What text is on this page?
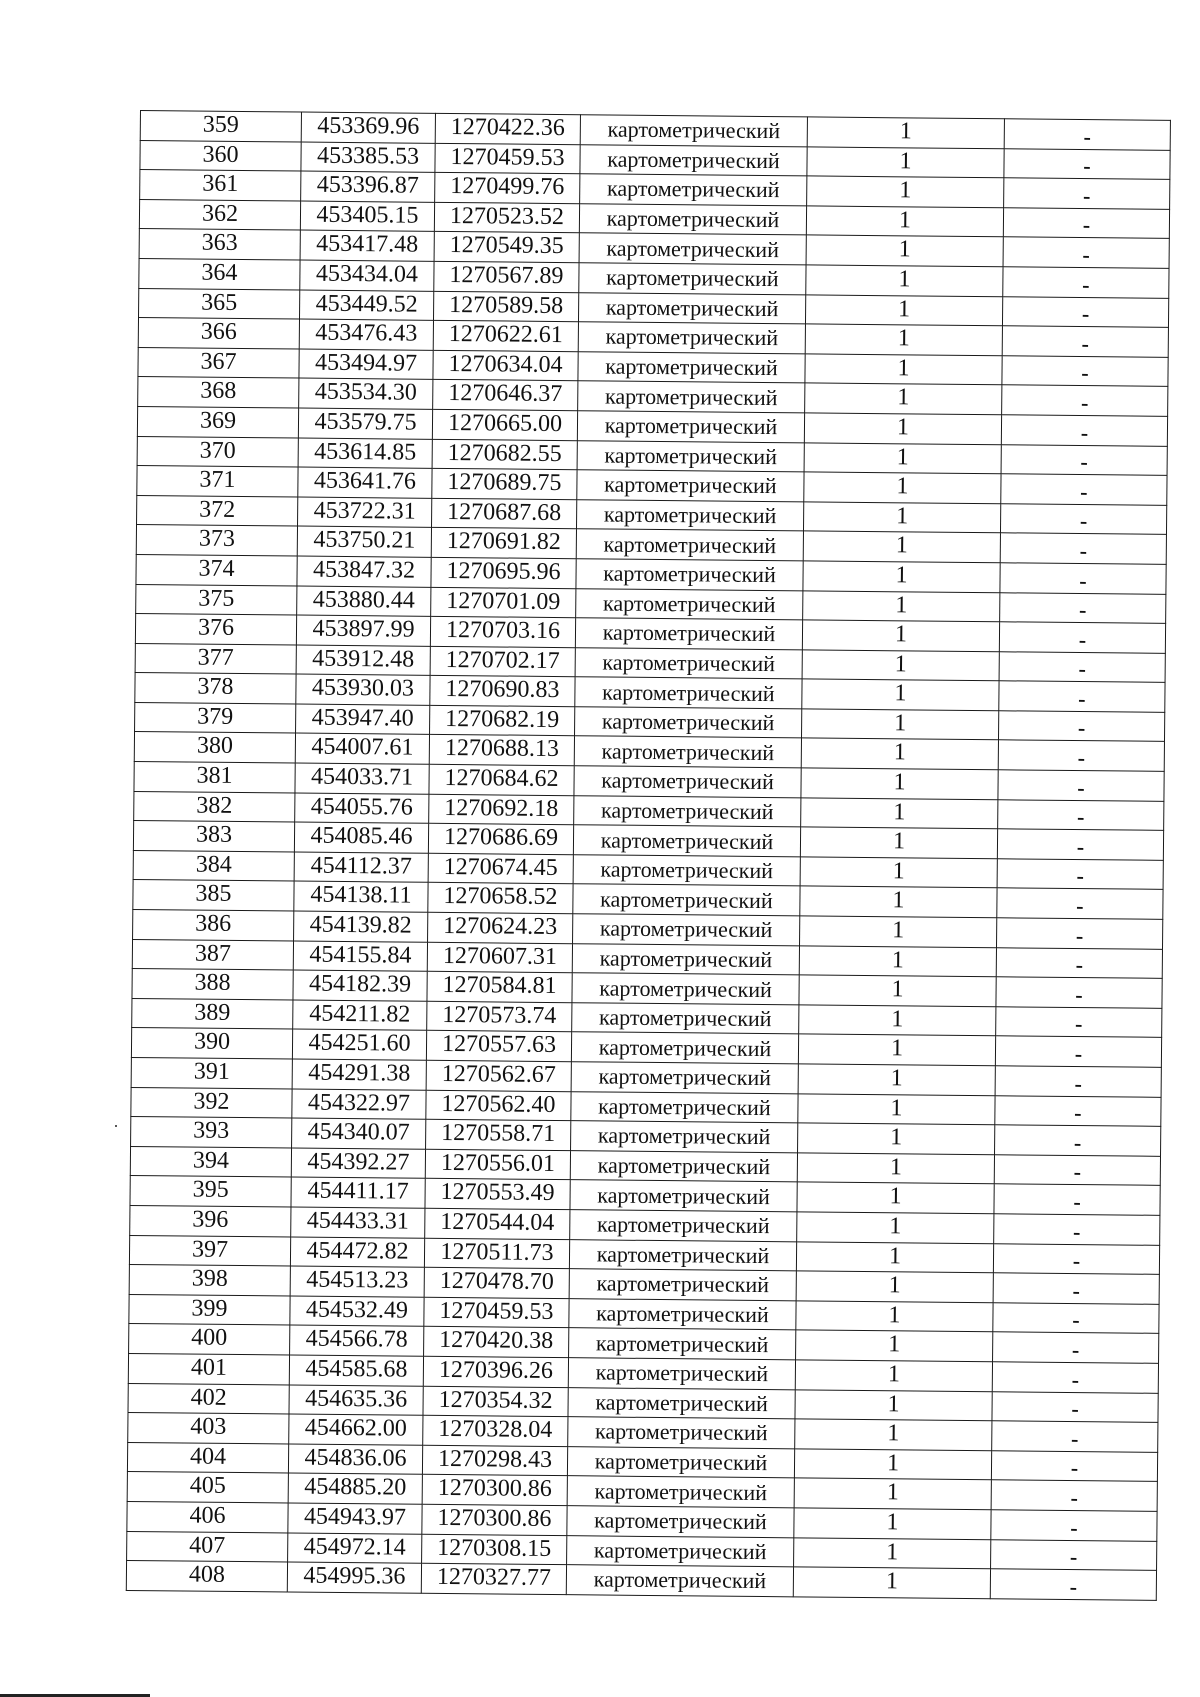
359	453369.96	1270422.36	картометрический	1	-
360	453385.53	1270459.53	картометрический	1	-
361	453396.87	1270499.76	картометрический	1	-
362	453405.15	1270523.52	картометрический	1	-
363	453417.48	1270549.35	картометрический	1	-
364	453434.04	1270567.89	картометрический	1	-
365	453449.52	1270589.58	картометрический	1	-
366	453476.43	1270622.61	картометрический	1	-
367	453494.97	1270634.04	картометрический	1	-
368	453534.30	1270646.37	картометрический	1	-
369	453579.75	1270665.00	картометрический	1	-
370	453614.85	1270682.55	картометрический	1	-
371	453641.76	1270689.75	картометрический	1	-
372	453722.31	1270687.68	картометрический	1	-
373	453750.21	1270691.82	картометрический	1	-
374	453847.32	1270695.96	картометрический	1	-
375	453880.44	1270701.09	картометрический	1	-
376	453897.99	1270703.16	картометрический	1	-
377	453912.48	1270702.17	картометрический	1	-
378	453930.03	1270690.83	картометрический	1	-
379	453947.40	1270682.19	картометрический	1	-
380	454007.61	1270688.13	картометрический	1	-
381	454033.71	1270684.62	картометрический	1	-
382	454055.76	1270692.18	картометрический	1	-
383	454085.46	1270686.69	картометрический	1	-
384	454112.37	1270674.45	картометрический	1	-
385	454138.11	1270658.52	картометрический	1	-
386	454139.82	1270624.23	картометрический	1	-
387	454155.84	1270607.31	картометрический	1	-
388	454182.39	1270584.81	картометрический	1	-
389	454211.82	1270573.74	картометрический	1	-
390	454251.60	1270557.63	картометрический	1	-
391	454291.38	1270562.67	картометрический	1	-
392	454322.97	1270562.40	картометрический	1	-
393	454340.07	1270558.71	картометрический	1	-
394	454392.27	1270556.01	картометрический	1	-
395	454411.17	1270553.49	картометрический	1	-
396	454433.31	1270544.04	картометрический	1	-
397	454472.82	1270511.73	картометрический	1	-
398	454513.23	1270478.70	картометрический	1	-
399	454532.49	1270459.53	картометрический	1	-
400	454566.78	1270420.38	картометрический	1	-
401	454585.68	1270396.26	картометрический	1	-
402	454635.36	1270354.32	картометрический	1	-
403	454662.00	1270328.04	картометрический	1	-
404	454836.06	1270298.43	картометрический	1	-
405	454885.20	1270300.86	картометрический	1	-
406	454943.97	1270300.86	картометрический	1	-
407	454972.14	1270308.15	картометрический	1	-
408	454995.36	1270327.77	картометрический	1	-
